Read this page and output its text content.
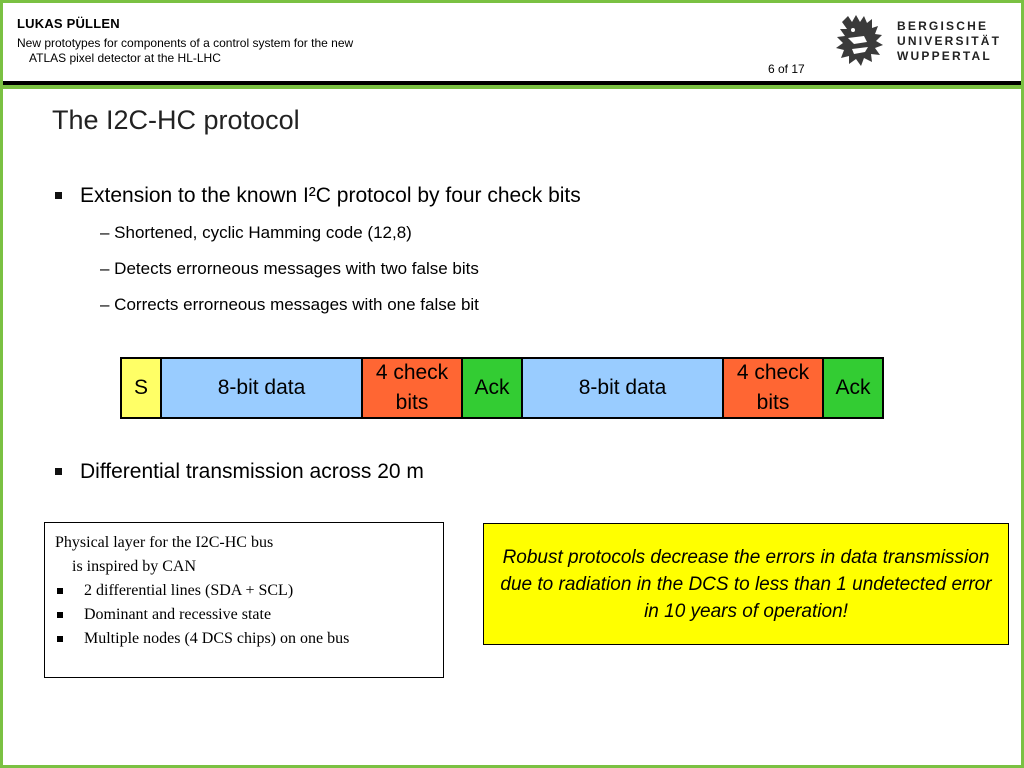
LUKAS PÜLLEN
New prototypes for components of a control system for the new
ATLAS pixel detector at the HL-LHC
6 of 17
BERGISCHE
UNIVERSITÄT
WUPPERTAL
The I2C-HC protocol
Extension to the known I²C protocol by four check bits
– Shortened, cyclic Hamming code (12,8)
– Detects errorneous messages with two false bits
– Corrects errorneous messages with one false bit
S	8-bit data
4 check bits
Ack	8-bit data
4 check bits
Ack
Differential transmission across 20 m
Physical layer for the I2C-HC bus
is inspired by CAN
2 differential lines (SDA + SCL)
Dominant and recessive state
Multiple nodes (4 DCS chips) on one bus
Robust protocols decrease the errors in data transmission due to radiation in the DCS to less than 1 undetected error in 10 years of operation!
